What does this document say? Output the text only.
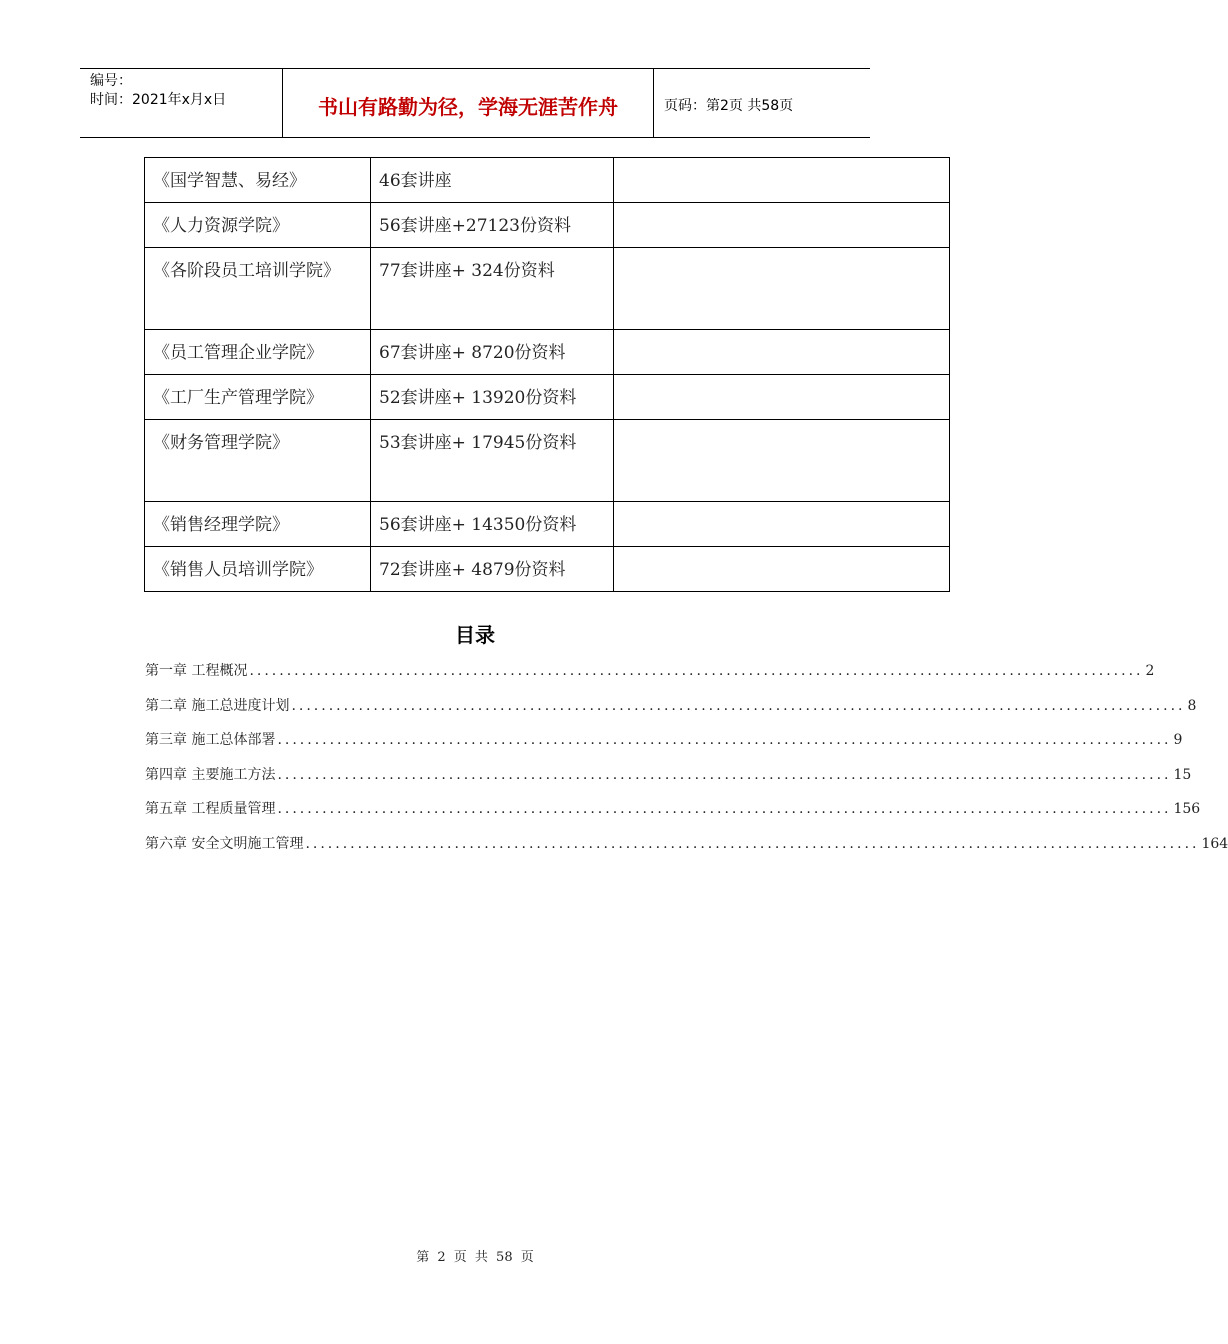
编号：
时间：2021年x月x日	书山有路勤为径，学海无涯苦作舟	页码：第2页 共58页
《国学智慧、易经》	46套讲座	
《人力资源学院》	56套讲座+27123份资料	
《各阶段员工培训学院》	77套讲座+ 324份资料	
《员工管理企业学院》	67套讲座+ 8720份资料	
《工厂生产管理学院》	52套讲座+ 13920份资料	
《财务管理学院》	53套讲座+ 17945份资料	
《销售经理学院》	56套讲座+ 14350份资料	
《销售人员培训学院》	72套讲座+ 4879份资料	
目录
第一章 工程概况 ........................................................................................................................ 2
第二章 施工总进度计划 ........................................................................................................................ 8
第三章 施工总体部署 ........................................................................................................................ 9
第四章 主要施工方法 ........................................................................................................................ 15
第五章 工程质量管理 ........................................................................................................................ 156
第六章 安全文明施工管理 ........................................................................................................................ 164
第 2 页 共 58 页
